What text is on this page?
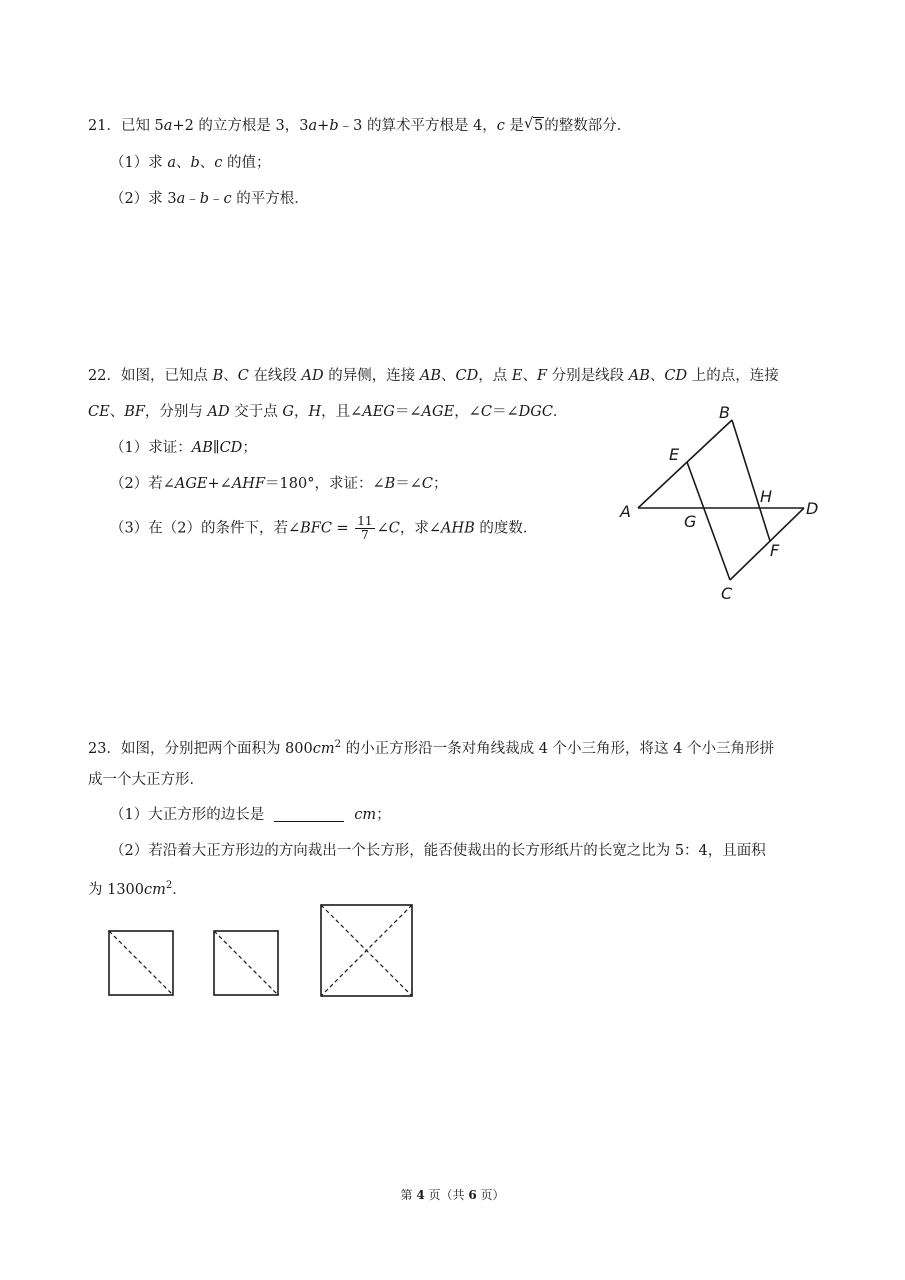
21．已知 5a+2 的立方根是 3，3a+b﹣3 的算术平方根是 4，c 是 √ 5的整数部分．
（1）求 a、b、c 的值；
（2）求 3a﹣b﹣c 的平方根．
22．如图，已知点 B、C 在线段 AD 的异侧，连接 AB、CD，点 E、F 分别是线段 AB、CD 上的点，连接
CE、BF，分别与 AD 交于点 G，H，且∠AEG＝∠AGE，∠C＝∠DGC．
（1）求证：AB∥CD；
（2）若∠AGE+∠AHF＝180°，求证：∠B＝∠C；
（3）在（2）的条件下，若∠BFC = $\frac{11}{7}$ ∠C，求∠AHB 的度数．
B
E
H
A
G
D
F
C
23．如图，分别把两个面积为 $800cm^2$ 的小正方形沿一条对角线裁成 4 个小三角形，将这 4 个小三角形拼
成一个大正方形．
（1）大正方形的边长是	cm；
（2）若沿着大正方形边的方向裁出一个长方形，能否使裁出的长方形纸片的长宽之比为 5：4，且面积
为 $1300cm^2$．
第 4 页（共 6 页）
